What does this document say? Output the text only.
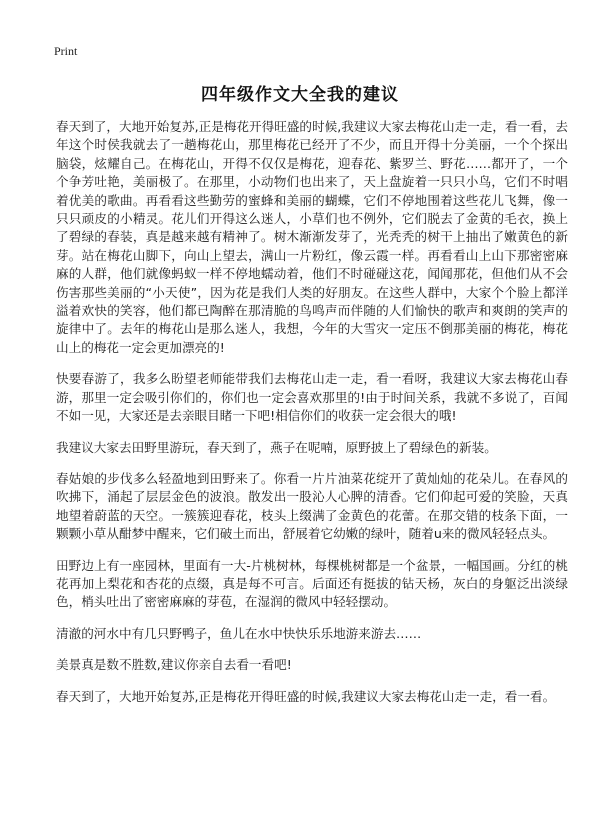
Print
四年级作文大全我的建议

春天到了，大地开始复苏,正是梅花开得旺盛的时候,我建议大家去梅花山走一走，看一看，去年这个时侯我就去了一趟梅花山，那里梅花已经开了不少，而且开得十分美丽，一个个探出脑袋，炫耀自己。在梅花山，开得不仅仅是梅花，迎春花、紫罗兰、野花……都开了，一个个争芳吐艳，美丽极了。在那里，小动物们也出来了，天上盘旋着一只只小鸟，它们不时唱着优美的歌曲。再看看这些勤劳的蜜蜂和美丽的蝴蝶，它们不停地围着这些花儿飞舞，像一只只顽皮的小精灵。花儿们开得这么迷人，小草们也不例外，它们脱去了金黄的毛衣，换上了碧绿的春装，真是越来越有精神了。树木渐渐发芽了，光秃秃的树干上抽出了嫩黄色的新芽。站在梅花山脚下，向山上望去，满山一片粉红，像云霞一样。再看看山上山下那密密麻麻的人群，他们就像蚂蚁一样不停地蠕动着，他们不时碰碰这花，闻闻那花，但他们从不会伤害那些美丽的“小天使”，因为花是我们人类的好朋友。在这些人群中，大家个个脸上都洋溢着欢快的笑容，他们都已陶醉在那清脆的鸟鸣声而伴随的人们愉快的歌声和爽朗的笑声的旋律中了。去年的梅花山是那么迷人，我想，今年的大雪灾一定压不倒那美丽的梅花，梅花山上的梅花一定会更加漂亮的!

快要春游了，我多么盼望老师能带我们去梅花山走一走，看一看呀，我建议大家去梅花山春游，那里一定会吸引你们的，你们也一定会喜欢那里的!由于时间关系，我就不多说了，百闻不如一见，大家还是去亲眼目睹一下吧!相信你们的收获一定会很大的哦!

我建议大家去田野里游玩，春天到了，燕子在呢喃，原野披上了碧绿色的新装。

春姑娘的步伐多么轻盈地到田野来了。你看一片片油菜花绽开了黄灿灿的花朵儿。在春风的吹拂下，涌起了层层金色的波浪。散发出一股沁人心脾的清香。它们仰起可爱的笑脸，天真地望着蔚蓝的天空。一簇簇迎春花，枝头上缀满了金黄色的花蕾。在那交错的枝条下面，一颗颗小草从酣梦中醒来，它们破土而出，舒展着它幼嫩的绿叶，随着u来的微风轻轻点头。

田野边上有一座园林，里面有一大-片桃树林，每棵桃树都是一个盆景，一幅国画。分红的桃花再加上梨花和杏花的点缀，真是每不可言。后面还有挺拔的钻天杨，灰白的身躯泛出淡绿色，梢头吐出了密密麻麻的芽苞，在湿润的微风中轻轻摆动。

清澈的河水中有几只野鸭子，鱼儿在水中快快乐乐地游来游去……

美景真是数不胜数,建议你亲自去看一看吧!

春天到了，大地开始复苏,正是梅花开得旺盛的时候,我建议大家去梅花山走一走，看一看。
